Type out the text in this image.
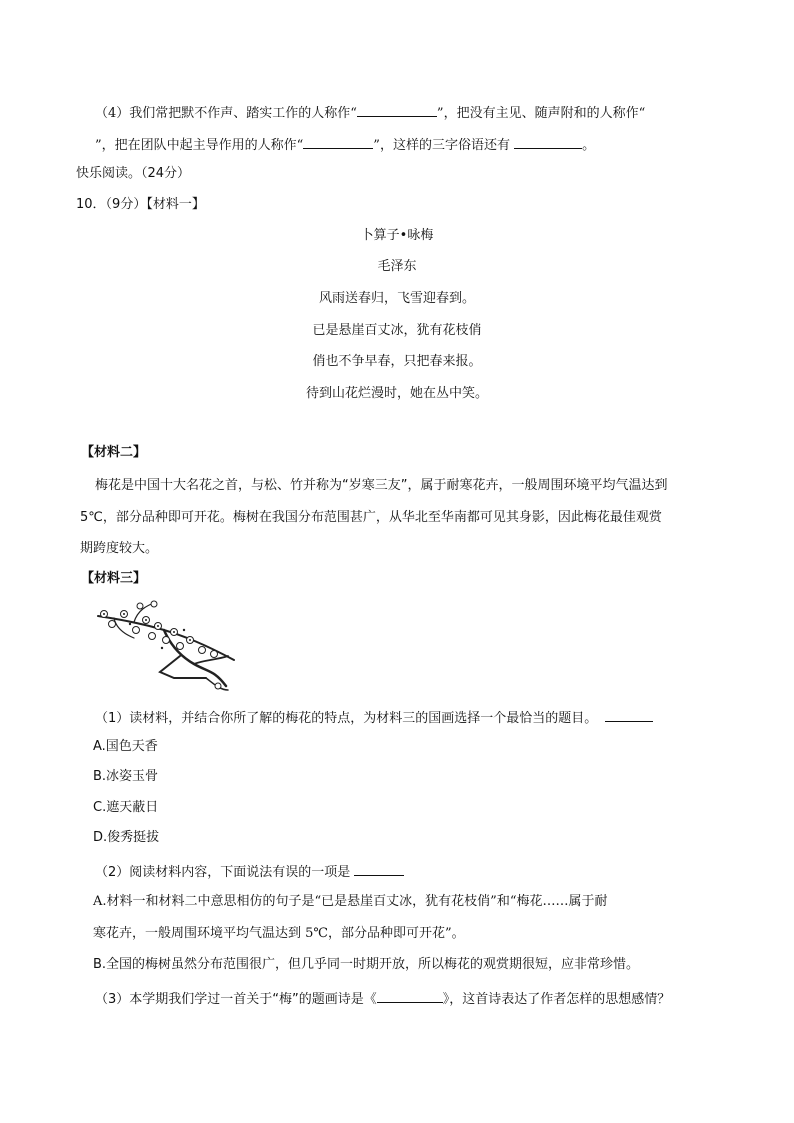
（4）我们常把默不作声、踏实工作的人称作“	”，把没有主见、随声附和的人称作“
”，把在团队中起主导作用的人称作“	”，这样的三字俗语还有	。
快乐阅读。（24分）
10．（9分）【材料一】
卜算子•咏梅
毛泽东
风雨送春归，飞雪迎春到。
已是悬崖百丈冰，犹有花枝俏
俏也不争早春，只把春来报。
待到山花烂漫时，她在丛中笑。
【材料二】
梅花是中国十大名花之首，与松、竹并称为“岁寒三友”，属于耐寒花卉，一般周围环境平均气温达到
5℃，部分品种即可开花。梅树在我国分布范围甚广，从华北至华南都可见其身影，因此梅花最佳观赏
期跨度较大。
【材料三】
（1）读材料，并结合你所了解的梅花的特点，为材料三的国画选择一个最恰当的题目。
A.国色天香
B.冰姿玉骨
C.遮天蔽日
D.俊秀挺拔
（2）阅读材料内容，下面说法有误的一项是
A.材料一和材料二中意思相仿的句子是“已是悬崖百丈冰，犹有花枝俏”和“梅花……属于耐
寒花卉，一般周围环境平均气温达到 5℃，部分品种即可开花”。
B.全国的梅树虽然分布范围很广，但几乎同一时期开放，所以梅花的观赏期很短，应非常珍惜。
（3）本学期我们学过一首关于“梅”的题画诗是《	》，这首诗表达了作者怎样的思想感情？
